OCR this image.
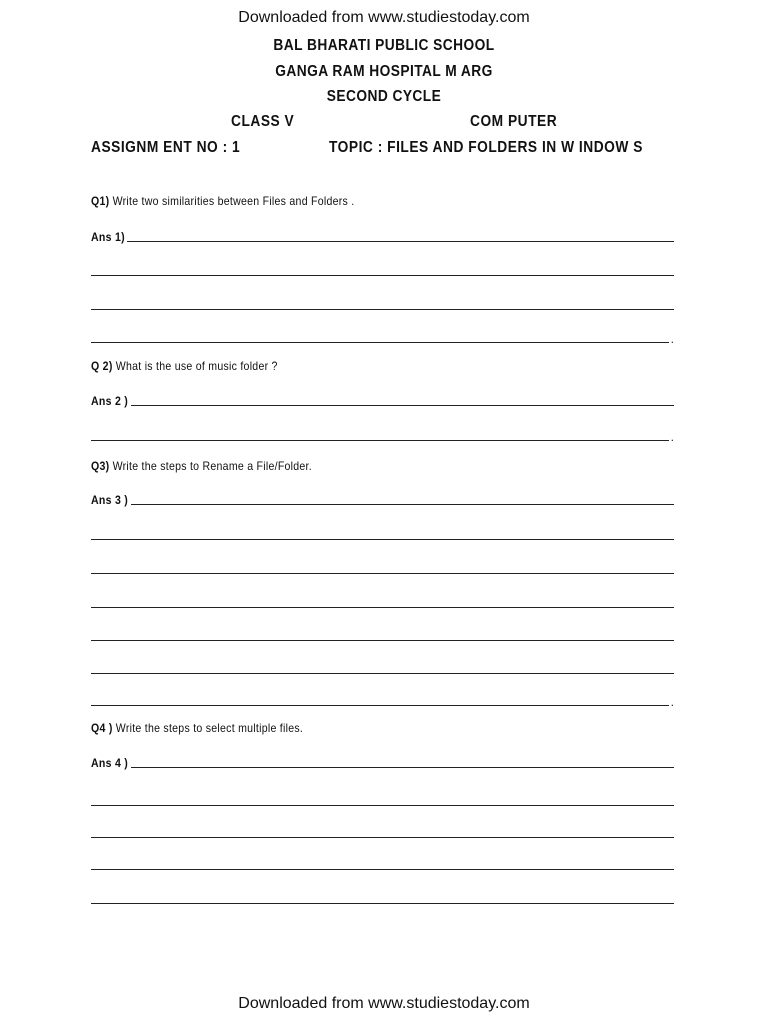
Downloaded from www.studiestoday.com
BAL BHARATI PUBLIC SCHOOL
GANGA RAM HOSPITAL M ARG
SECOND CYCLE
CLASS V	COM PUTER
ASSIGNM ENT NO : 1	TOPIC : FILES AND FOLDERS IN W INDOW S
Q1) Write two similarities between Files and Folders .
Ans 1)
.
Q 2) What is the use of music folder ?
Ans 2 )
.
Q3) Write the steps to Rename a File/Folder.
Ans 3 )
.
Q4 ) Write the steps to select multiple files.
Ans 4 )
Downloaded from www.studiestoday.com
